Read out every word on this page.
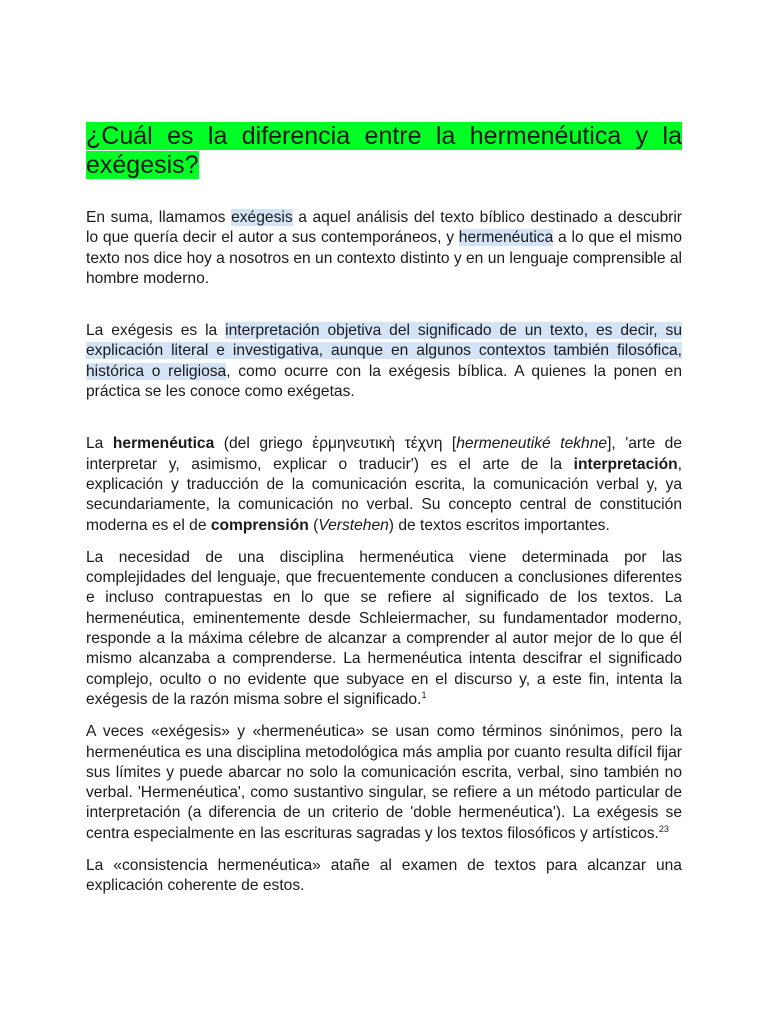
¿Cuál es la diferencia entre la hermenéutica y la exégesis?

En suma, llamamos exégesis a aquel análisis del texto bíblico destinado a descubrir lo que quería decir el autor a sus contemporáneos, y hermenéutica a lo que el mismo texto nos dice hoy a nosotros en un contexto distinto y en un lenguaje comprensible al hombre moderno.

La exégesis es la interpretación objetiva del significado de un texto, es decir, su explicación literal e investigativa, aunque en algunos contextos también filosófica, histórica o religiosa, como ocurre con la exégesis bíblica. A quienes la ponen en práctica se les conoce como exégetas.

La hermenéutica (del griego ἑρμηνευτικὴ τέχνη [hermeneutiké tekhne], 'arte de interpretar y, asimismo, explicar o traducir') es el arte de la interpretación, explicación y traducción de la comunicación escrita, la comunicación verbal y, ya secundariamente, la comunicación no verbal. Su concepto central de constitución moderna es el de comprensión (Verstehen) de textos escritos importantes.

La necesidad de una disciplina hermenéutica viene determinada por las complejidades del lenguaje, que frecuentemente conducen a conclusiones diferentes e incluso contrapuestas en lo que se refiere al significado de los textos. La hermenéutica, eminentemente desde Schleiermacher, su fundamentador moderno, responde a la máxima célebre de alcanzar a comprender al autor mejor de lo que él mismo alcanzaba a comprenderse. La hermenéutica intenta descifrar el significado complejo, oculto o no evidente que subyace en el discurso y, a este fin, intenta la exégesis de la razón misma sobre el significado.$^1$

A veces «exégesis» y «hermenéutica» se usan como términos sinónimos, pero la hermenéutica es una disciplina metodológica más amplia por cuanto resulta difícil fijar sus límites y puede abarcar no solo la comunicación escrita, verbal, sino también no verbal. 'Hermenéutica', como sustantivo singular, se refiere a un método particular de interpretación (a diferencia de un criterio de 'doble hermenéutica'). La exégesis se centra especialmente en las escrituras sagradas y los textos filosóficos y artísticos.$^{23}$

La «consistencia hermenéutica» atañe al examen de textos para alcanzar una explicación coherente de estos.
